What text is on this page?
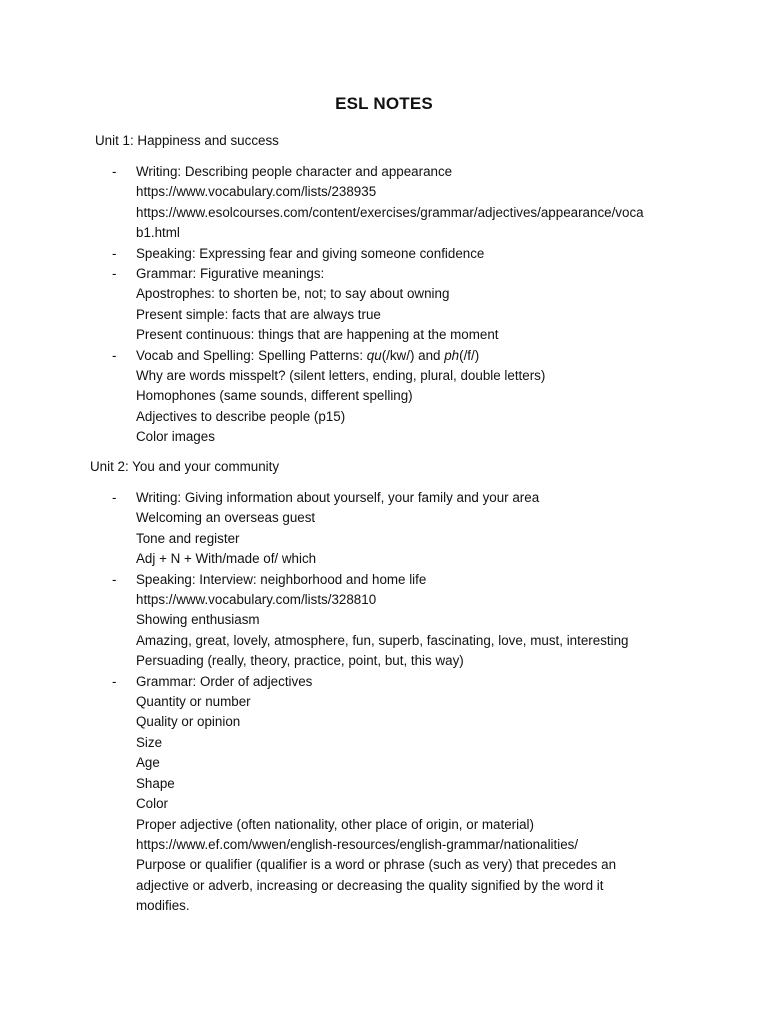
ESL NOTES
Unit 1: Happiness and success
- Writing: Describing people character and appearance
https://www.vocabulary.com/lists/238935
https://www.esolcourses.com/content/exercises/grammar/adjectives/appearance/voca
b1.html
- Speaking: Expressing fear and giving someone confidence
- Grammar: Figurative meanings:
Apostrophes: to shorten be, not; to say about owning
Present simple: facts that are always true
Present continuous: things that are happening at the moment
- Vocab and Spelling: Spelling Patterns: qu(/kw/) and ph(/f/)
Why are words misspelt? (silent letters, ending, plural, double letters)
Homophones (same sounds, different spelling)
Adjectives to describe people (p15)
Color images
Unit 2: You and your community
- Writing: Giving information about yourself, your family and your area
Welcoming an overseas guest
Tone and register
Adj + N + With/made of/ which
- Speaking: Interview: neighborhood and home life
https://www.vocabulary.com/lists/328810
Showing enthusiasm
Amazing, great, lovely, atmosphere, fun, superb, fascinating, love, must, interesting
Persuading (really, theory, practice, point, but, this way)
- Grammar: Order of adjectives
Quantity or number
Quality or opinion
Size
Age
Shape
Color
Proper adjective (often nationality, other place of origin, or material)
https://www.ef.com/wwen/english-resources/english-grammar/nationalities/
Purpose or qualifier (qualifier is a word or phrase (such as very) that precedes an
adjective or adverb, increasing or decreasing the quality signified by the word it
modifies.
